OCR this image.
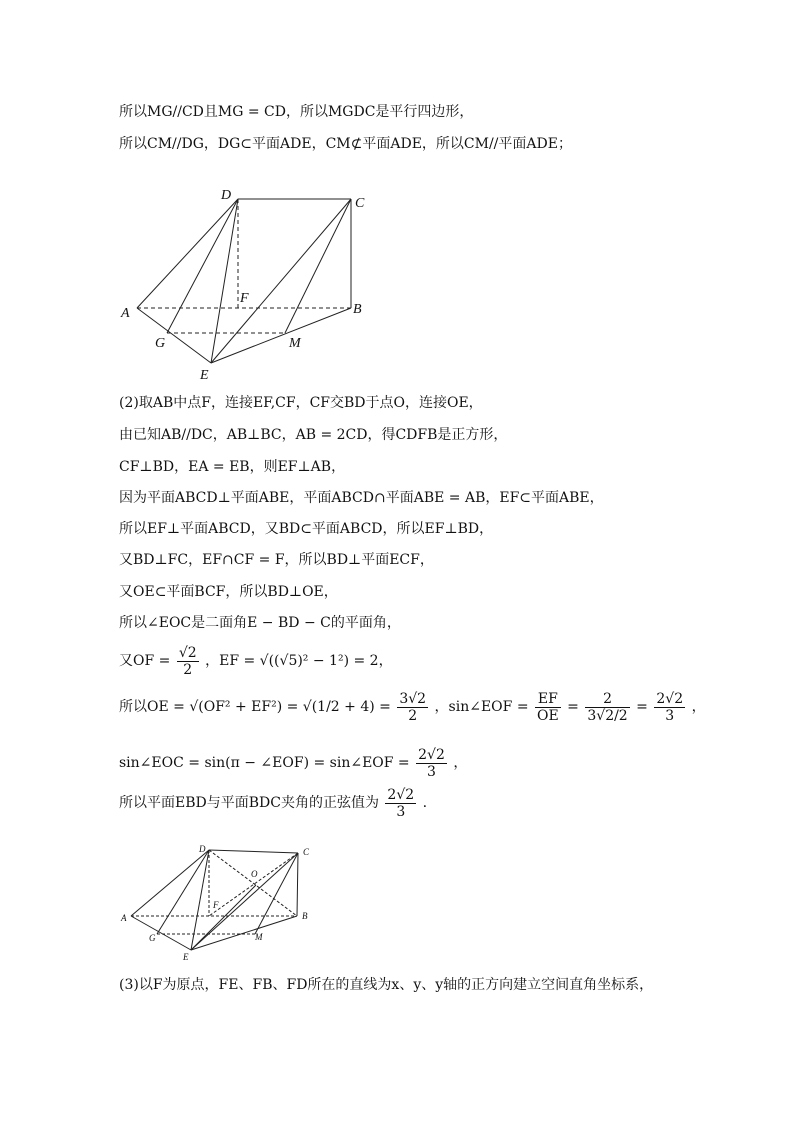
所以MG//CD且MG = CD，所以MGDC是平行四边形，
所以CM//DG，DG⊂平面ADE，CM⊄平面ADE，所以CM//平面ADE；
D
C
A	B
F
G	M
E
(2)取AB中点F，连接EF,CF，CF交BD于点O，连接OE，
由已知AB//DC，AB⊥BC，AB = 2CD，得CDFB是正方形，
CF⊥BD，EA = EB，则EF⊥AB，
因为平面ABCD⊥平面ABE，平面ABCD∩平面ABE = AB，EF⊂平面ABE，
所以EF⊥平面ABCD，又BD⊂平面ABCD，所以EF⊥BD，
又BD⊥FC，EF∩CF = F，所以BD⊥平面ECF，
又OE⊂平面BCF，所以BD⊥OE，
所以∠EOC是二面角E − BD − C的平面角，
又OF = $\frac{√2}{2}$ ，EF = √((√5)² − 1²) = 2，
所以OE = $√(OF^2 + EF^2) = √(1/2 + 4) = \frac{3√2}{2}$ ，sin∠EOF = $\frac{EF}{OE} = \frac{2}{3√2/2} = \frac{2√2}{3}$ ，
sin∠EOC = sin(π − ∠EOF) = sin∠EOF = $\frac{2√2}{3}$ ，
所以平面EBD与平面BDC夹角的正弦值为 $\frac{2√2}{3}$ .
D	C
O
F
A	B
G	M
E
(3)以F为原点，FE、FB、FD所在的直线为x、y、y轴的正方向建立空间直角坐标系，
